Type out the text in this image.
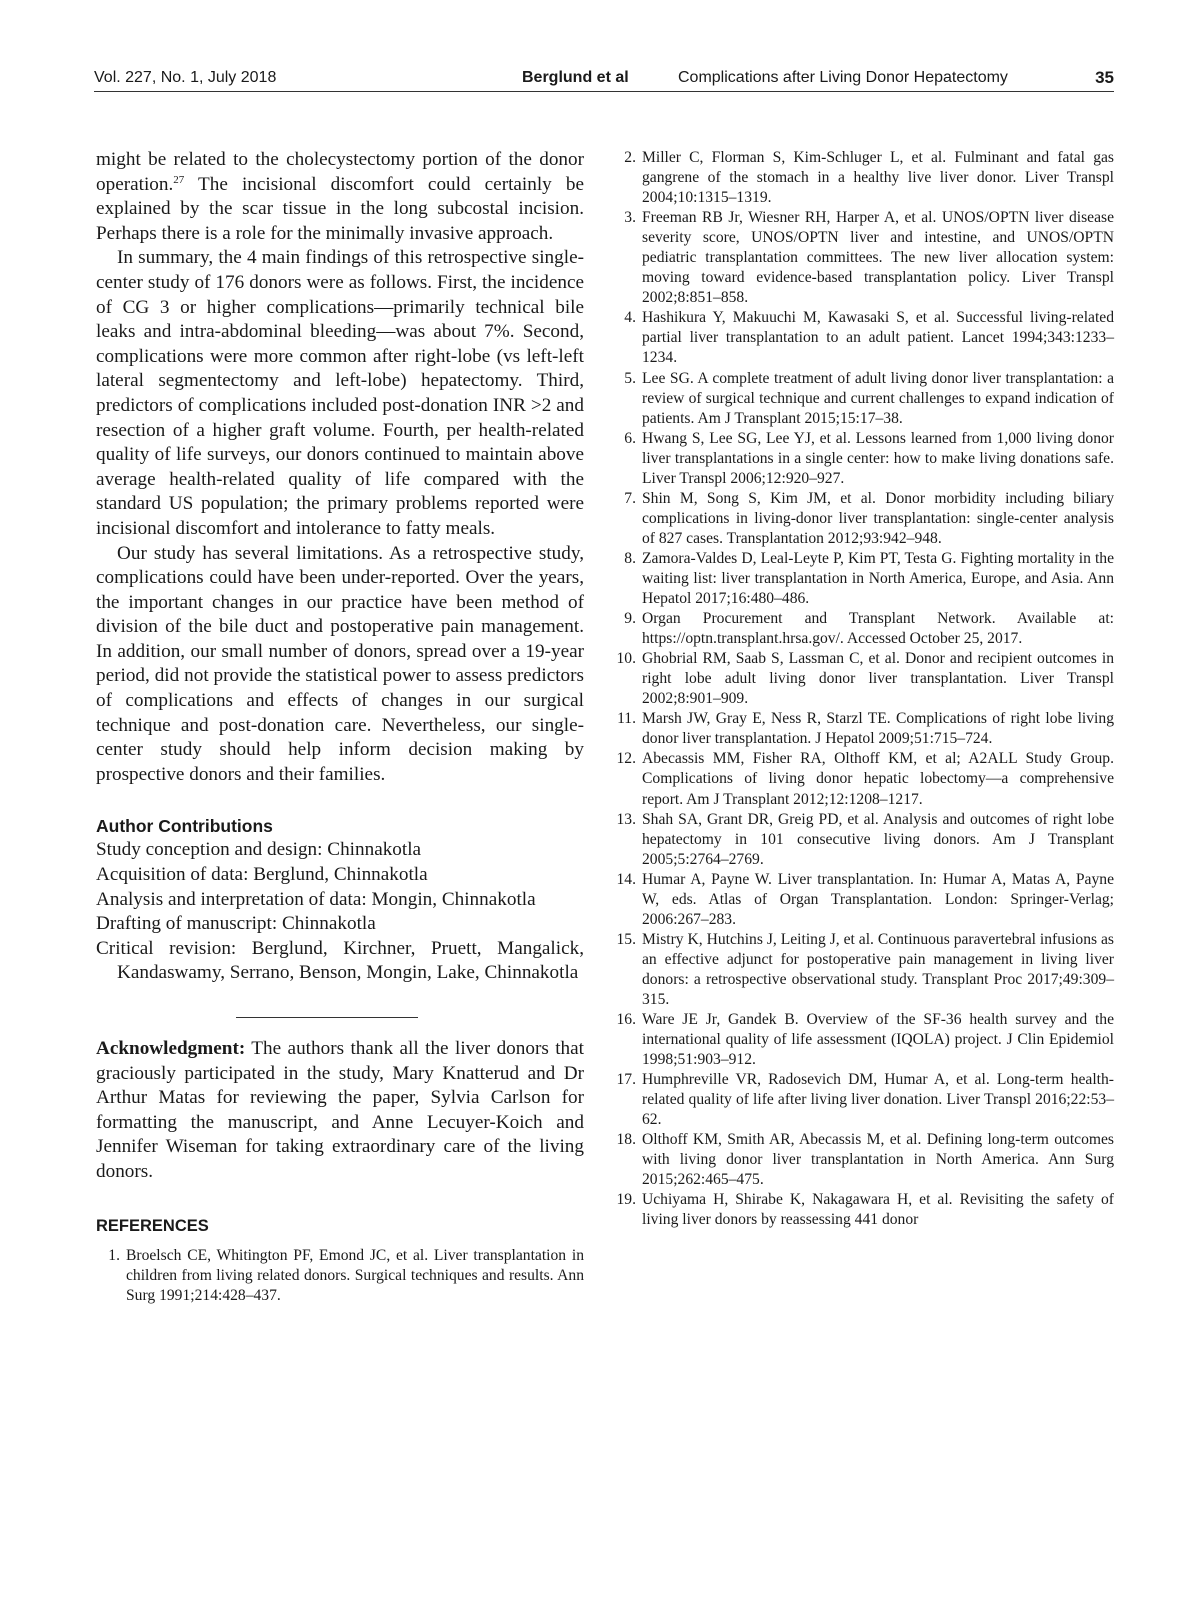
Vol. 227, No. 1, July 2018	Berglund et al	Complications after Living Donor Hepatectomy	35

might be related to the cholecystectomy portion of the donor operation.$^{27}$ The incisional discomfort could certainly be explained by the scar tissue in the long subcostal incision. Perhaps there is a role for the minimally invasive approach.

In summary, the 4 main findings of this retrospective single-center study of 176 donors were as follows. First, the incidence of CG 3 or higher complications—primarily technical bile leaks and intra-abdominal bleeding—was about 7%. Second, complications were more common after right-lobe (vs left-left lateral segmentectomy and left-lobe) hepatectomy. Third, predictors of complications included post-donation INR >2 and resection of a higher graft volume. Fourth, per health-related quality of life surveys, our donors continued to maintain above average health-related quality of life compared with the standard US population; the primary problems reported were incisional discomfort and intolerance to fatty meals.

Our study has several limitations. As a retrospective study, complications could have been under-reported. Over the years, the important changes in our practice have been method of division of the bile duct and postoperative pain management. In addition, our small number of donors, spread over a 19-year period, did not provide the statistical power to assess predictors of complications and effects of changes in our surgical technique and post-donation care. Nevertheless, our single-center study should help inform decision making by prospective donors and their families.

Author Contributions
Study conception and design: Chinnakotla
Acquisition of data: Berglund, Chinnakotla
Analysis and interpretation of data: Mongin, Chinnakotla
Drafting of manuscript: Chinnakotla
Critical revision: Berglund, Kirchner, Pruett, Mangalick, Kandaswamy, Serrano, Benson, Mongin, Lake, Chinnakotla

Acknowledgment: The authors thank all the liver donors that graciously participated in the study, Mary Knatterud and Dr Arthur Matas for reviewing the paper, Sylvia Carlson for formatting the manuscript, and Anne Lecuyer-Koich and Jennifer Wiseman for taking extraordinary care of the living donors.

REFERENCES
1. Broelsch CE, Whitington PF, Emond JC, et al. Liver transplantation in children from living related donors. Surgical techniques and results. Ann Surg 1991;214:428–437.
2. Miller C, Florman S, Kim-Schluger L, et al. Fulminant and fatal gas gangrene of the stomach in a healthy live liver donor. Liver Transpl 2004;10:1315–1319.
3. Freeman RB Jr, Wiesner RH, Harper A, et al. UNOS/OPTN liver disease severity score, UNOS/OPTN liver and intestine, and UNOS/OPTN pediatric transplantation committees. The new liver allocation system: moving toward evidence-based transplantation policy. Liver Transpl 2002;8:851–858.
4. Hashikura Y, Makuuchi M, Kawasaki S, et al. Successful living-related partial liver transplantation to an adult patient. Lancet 1994;343:1233–1234.
5. Lee SG. A complete treatment of adult living donor liver transplantation: a review of surgical technique and current challenges to expand indication of patients. Am J Transplant 2015;15:17–38.
6. Hwang S, Lee SG, Lee YJ, et al. Lessons learned from 1,000 living donor liver transplantations in a single center: how to make living donations safe. Liver Transpl 2006;12:920–927.
7. Shin M, Song S, Kim JM, et al. Donor morbidity including biliary complications in living-donor liver transplantation: single-center analysis of 827 cases. Transplantation 2012;93:942–948.
8. Zamora-Valdes D, Leal-Leyte P, Kim PT, Testa G. Fighting mortality in the waiting list: liver transplantation in North America, Europe, and Asia. Ann Hepatol 2017;16:480–486.
9. Organ Procurement and Transplant Network. Available at: https://optn.transplant.hrsa.gov/. Accessed October 25, 2017.
10. Ghobrial RM, Saab S, Lassman C, et al. Donor and recipient outcomes in right lobe adult living donor liver transplantation. Liver Transpl 2002;8:901–909.
11. Marsh JW, Gray E, Ness R, Starzl TE. Complications of right lobe living donor liver transplantation. J Hepatol 2009;51:715–724.
12. Abecassis MM, Fisher RA, Olthoff KM, et al; A2ALL Study Group. Complications of living donor hepatic lobectomy—a comprehensive report. Am J Transplant 2012;12:1208–1217.
13. Shah SA, Grant DR, Greig PD, et al. Analysis and outcomes of right lobe hepatectomy in 101 consecutive living donors. Am J Transplant 2005;5:2764–2769.
14. Humar A, Payne W. Liver transplantation. In: Humar A, Matas A, Payne W, eds. Atlas of Organ Transplantation. London: Springer-Verlag; 2006:267–283.
15. Mistry K, Hutchins J, Leiting J, et al. Continuous paravertebral infusions as an effective adjunct for postoperative pain management in living liver donors: a retrospective observational study. Transplant Proc 2017;49:309–315.
16. Ware JE Jr, Gandek B. Overview of the SF-36 health survey and the international quality of life assessment (IQOLA) project. J Clin Epidemiol 1998;51:903–912.
17. Humphreville VR, Radosevich DM, Humar A, et al. Long-term health-related quality of life after living liver donation. Liver Transpl 2016;22:53–62.
18. Olthoff KM, Smith AR, Abecassis M, et al. Defining long-term outcomes with living donor liver transplantation in North America. Ann Surg 2015;262:465–475.
19. Uchiyama H, Shirabe K, Nakagawara H, et al. Revisiting the safety of living liver donors by reassessing 441 donor
